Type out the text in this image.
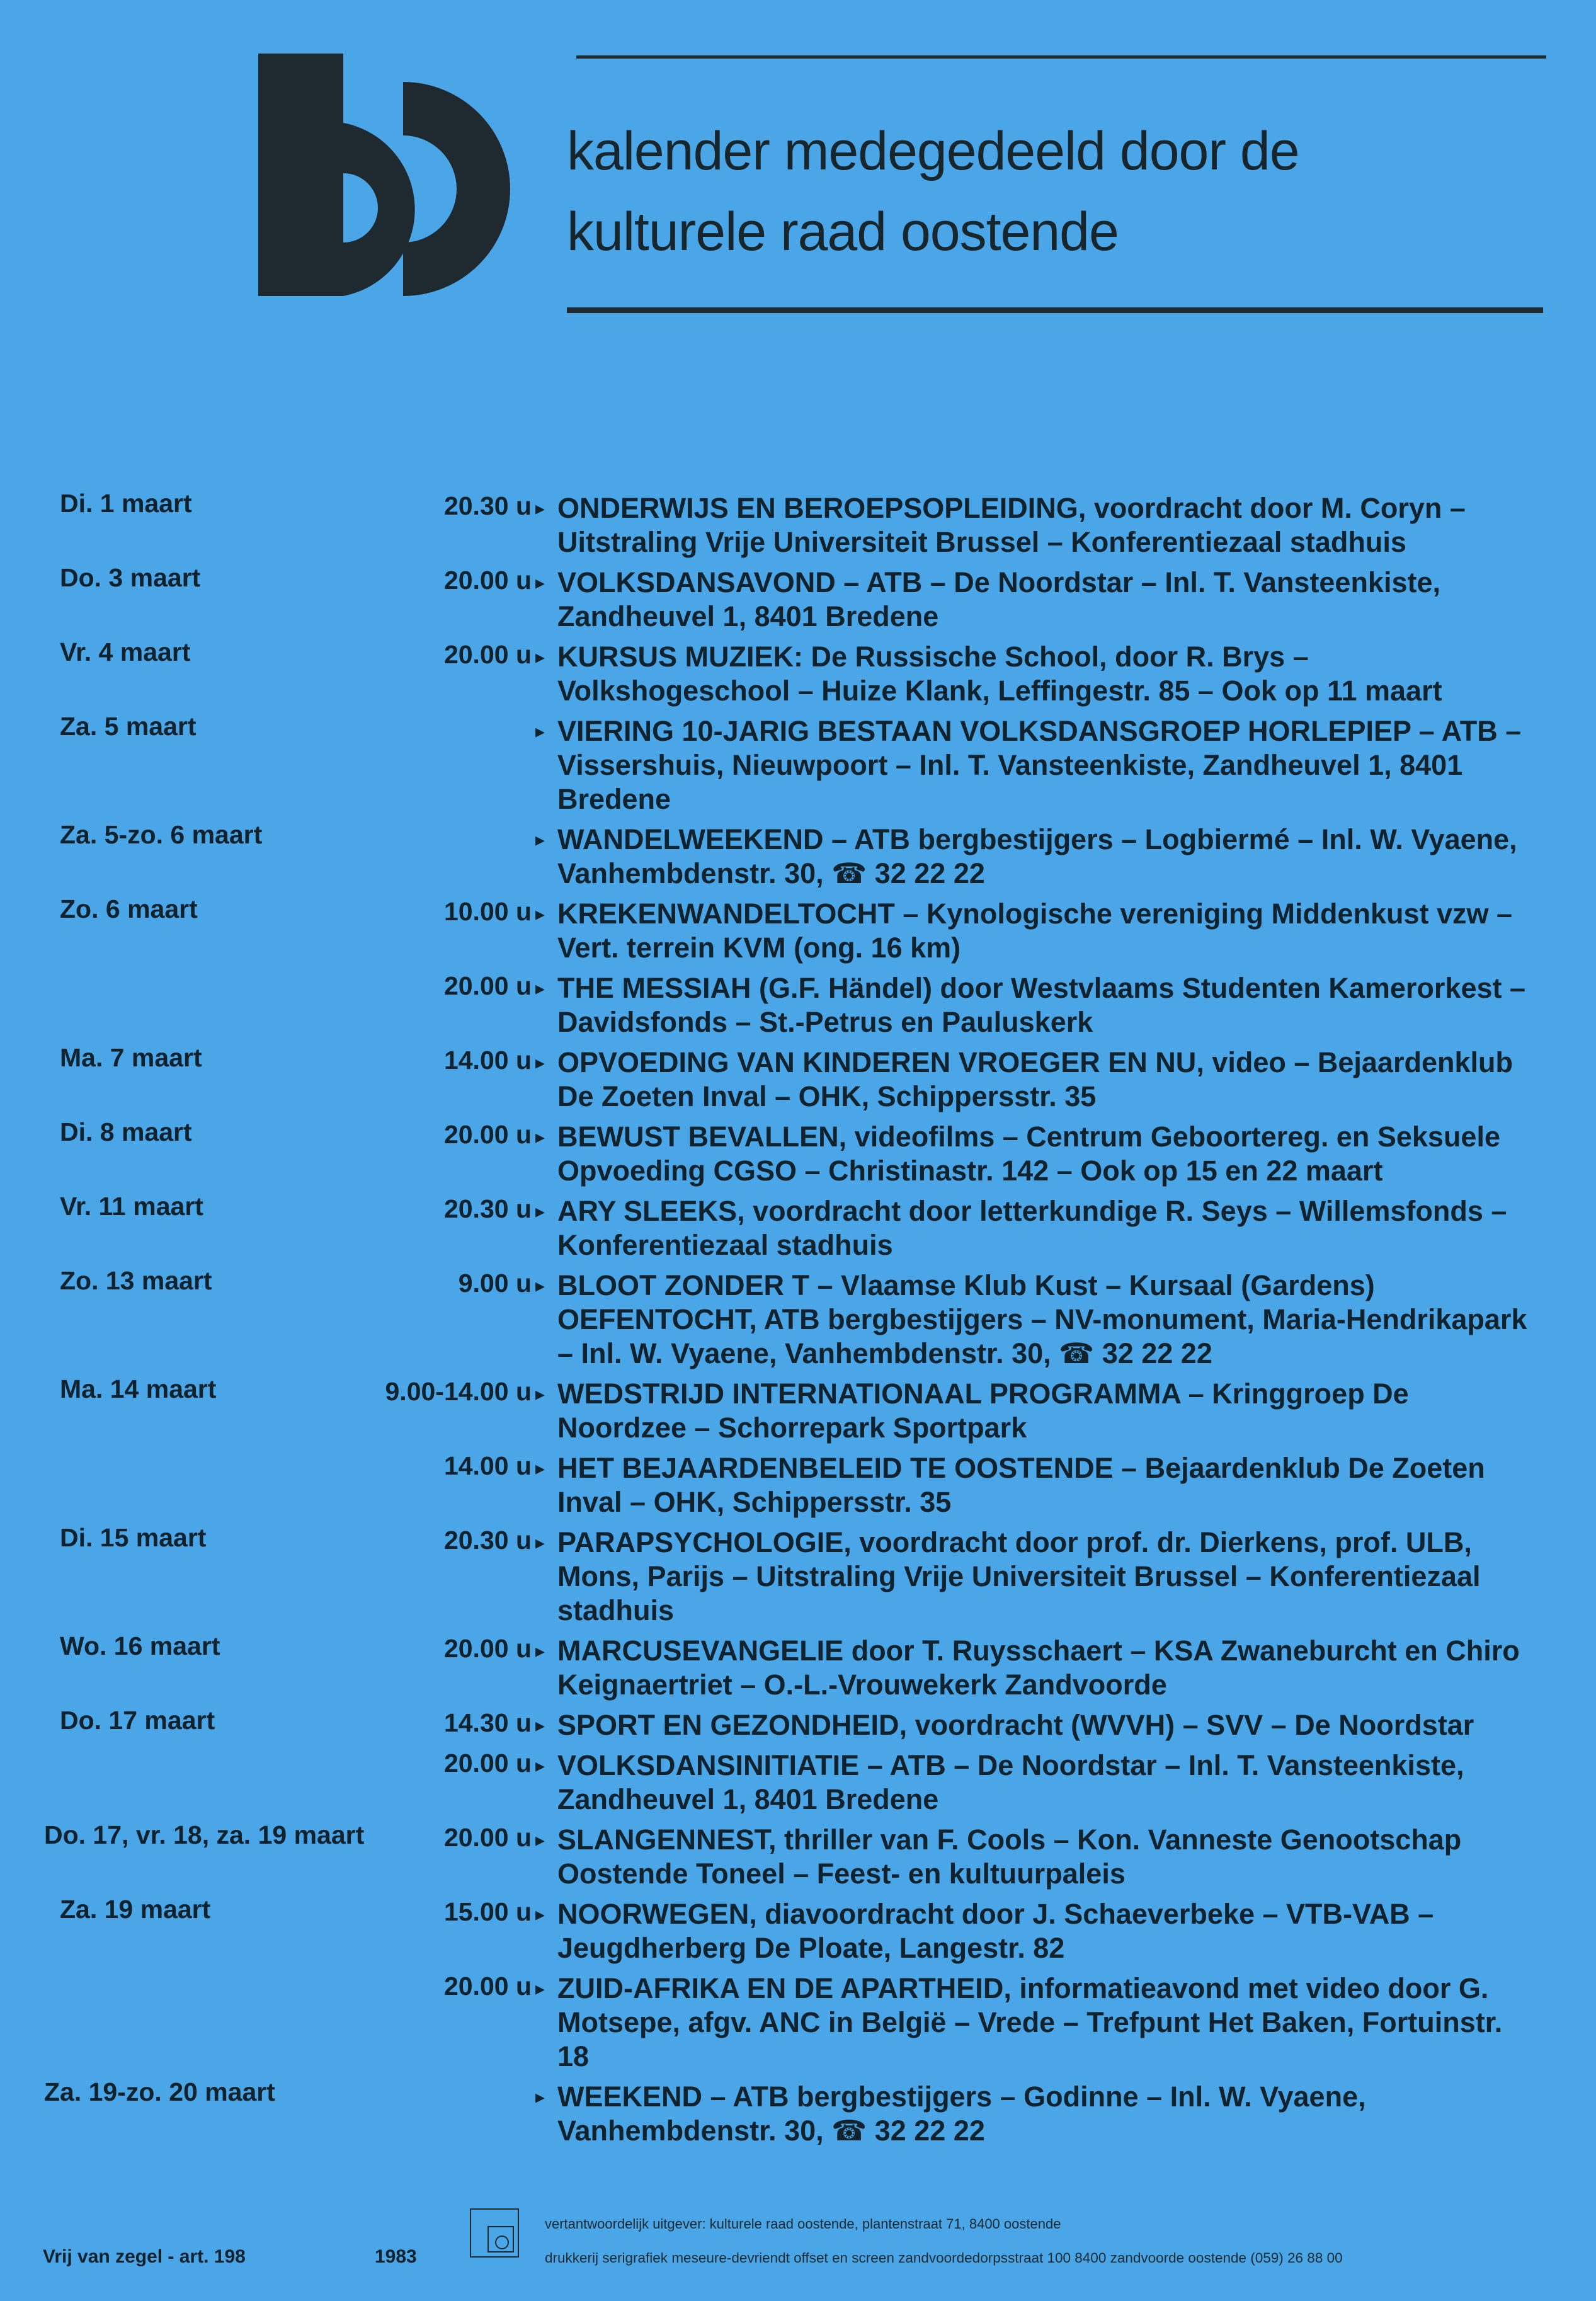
kalender medegedeeld door de
kulturele raad oostende
Di. 1 maart	20.30 u ▸ ONDERWIJS EN BEROEPSOPLEIDING, voordracht door M. Coryn – Uitstraling Vrije Universiteit Brussel – Konferentiezaal stadhuis
Do. 3 maart	20.00 u ▸ VOLKSDANSAVOND – ATB – De Noordstar – Inl. T. Vansteenkiste, Zandheuvel 1, 8401 Bredene
Vr. 4 maart	20.00 u ▸ KURSUS MUZIEK: De Russische School, door R. Brys – Volkshogeschool – Huize Klank, Leffingestr. 85 – Ook op 11 maart
Za. 5 maart	▸ VIERING 10-JARIG BESTAAN VOLKSDANSGROEP HORLEPIEP – ATB – Vissershuis, Nieuwpoort – Inl. T. Vansteenkiste, Zandheuvel 1, 8401 Bredene
Za. 5-zo. 6 maart	▸ WANDELWEEKEND – ATB bergbestijgers – Logbiermé – Inl. W. Vyaene, Vanhembdenstr. 30, ☎ 32 22 22
Zo. 6 maart	10.00 u ▸ KREKENWANDELTOCHT – Kynologische vereniging Middenkust vzw – Vert. terrein KVM (ong. 16 km)
20.00 u ▸ THE MESSIAH (G.F. Händel) door Westvlaams Studenten Kamerorkest – Davidsfonds – St.-Petrus en Pauluskerk
Ma. 7 maart	14.00 u ▸ OPVOEDING VAN KINDEREN VROEGER EN NU, video – Bejaardenklub De Zoeten Inval – OHK, Schippersstr. 35
Di. 8 maart	20.00 u ▸ BEWUST BEVALLEN, videofilms – Centrum Geboortereg. en Seksuele Opvoeding CGSO – Christinastr. 142 – Ook op 15 en 22 maart
Vr. 11 maart	20.30 u ▸ ARY SLEEKS, voordracht door letterkundige R. Seys – Willemsfonds – Konferentiezaal stadhuis
Zo. 13 maart	9.00 u ▸ BLOOT ZONDER T – Vlaamse Klub Kust – Kursaal (Gardens) OEFENTOCHT, ATB bergbestijgers – NV-monument, Maria-Hendrikapark – Inl. W. Vyaene, Vanhembdenstr. 30, ☎ 32 22 22
Ma. 14 maart	9.00-14.00 u ▸ WEDSTRIJD INTERNATIONAAL PROGRAMMA – Kringgroep De Noordzee – Schorrepark Sportpark
14.00 u ▸ HET BEJAARDENBELEID TE OOSTENDE – Bejaardenklub De Zoeten Inval – OHK, Schippersstr. 35
Di. 15 maart	20.30 u ▸ PARAPSYCHOLOGIE, voordracht door prof. dr. Dierkens, prof. ULB, Mons, Parijs – Uitstraling Vrije Universiteit Brussel – Konferentiezaal stadhuis
Wo. 16 maart	20.00 u ▸ MARCUSEVANGELIE door T. Ruysschaert – KSA Zwaneburcht en Chiro Keignaertriet – O.-L.-Vrouwekerk Zandvoorde
Do. 17 maart	14.30 u ▸ SPORT EN GEZONDHEID, voordracht (WVVH) – SVV – De Noordstar
20.00 u ▸ VOLKSDANSINITIATIE – ATB – De Noordstar – Inl. T. Vansteenkiste, Zandheuvel 1, 8401 Bredene
Do. 17, vr. 18, za. 19 maart	20.00 u ▸ SLANGENNEST, thriller van F. Cools – Kon. Vanneste Genootschap Oostende Toneel – Feest- en kultuurpaleis
Za. 19 maart	15.00 u ▸ NOORWEGEN, diavoordracht door J. Schaeverbeke – VTB-VAB – Jeugdherberg De Ploate, Langestr. 82
20.00 u ▸ ZUID-AFRIKA EN DE APARTHEID, informatieavond met video door G. Motsepe, afgv. ANC in België – Vrede – Trefpunt Het Baken, Fortuinstr. 18
Za. 19-zo. 20 maart	▸ WEEKEND – ATB bergbestijgers – Godinne – Inl. W. Vyaene, Vanhembdenstr. 30, ☎ 32 22 22
Vrij van zegel - art. 198	1983
vertantwoordelijk uitgever: kulturele raad oostende, plantenstraat 71, 8400 oostende
drukkerij serigrafiek meseure-devriendt offset en screen zandvoordedorpsstraat 100 8400 zandvoorde oostende (059) 26 88 00
